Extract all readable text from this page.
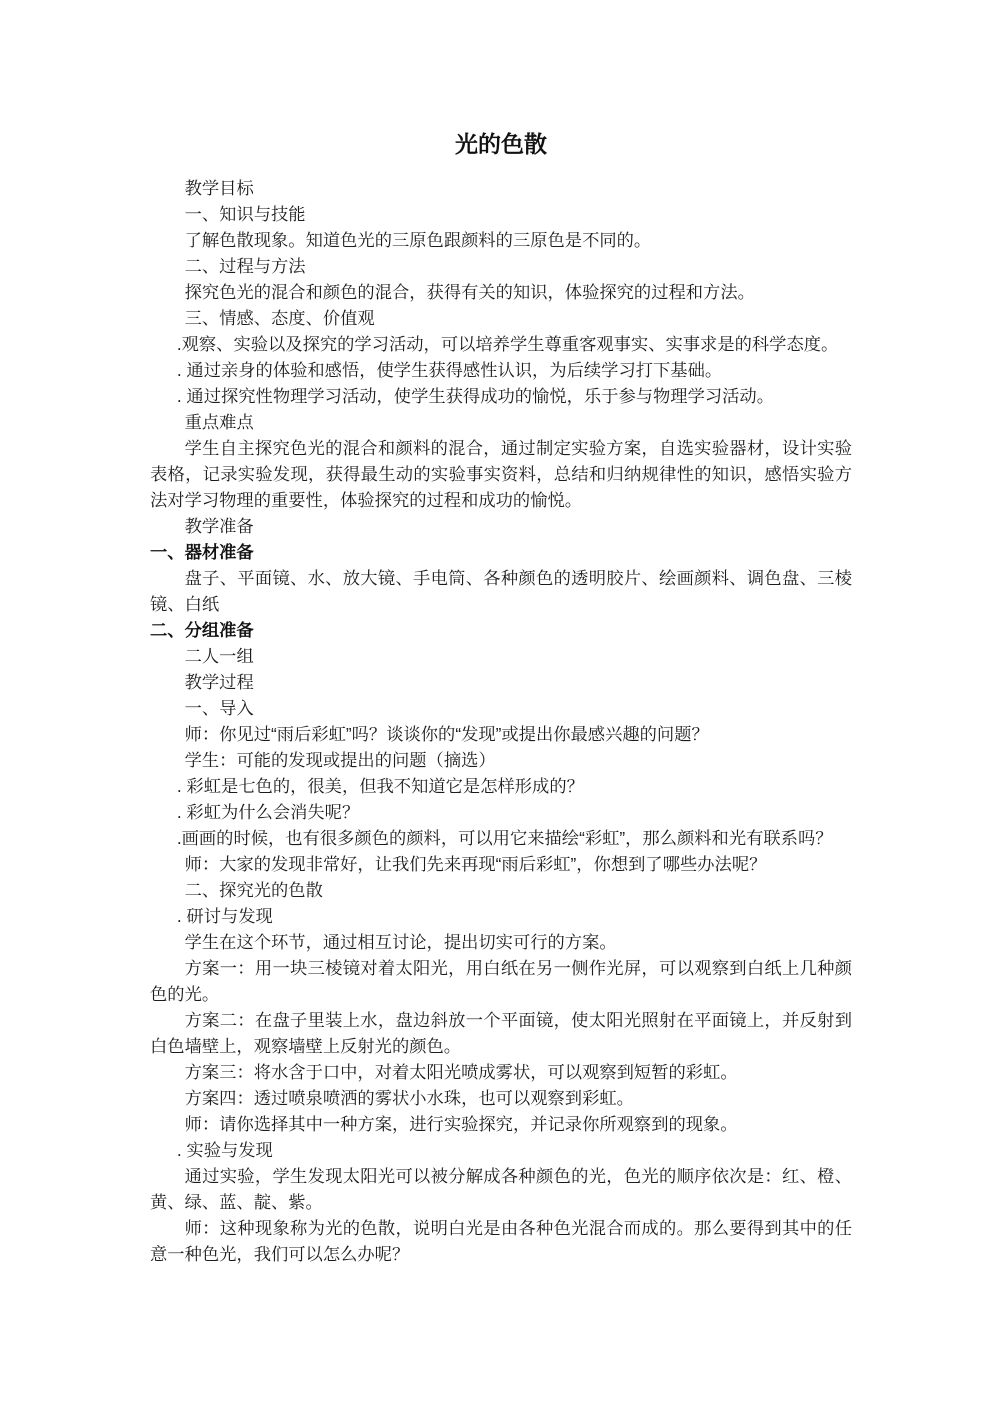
光的色散

教学目标

一、知识与技能

了解色散现象。知道色光的三原色跟颜料的三原色是不同的。

二、过程与方法

探究色光的混合和颜色的混合，获得有关的知识，体验探究的过程和方法。

三、情感、态度、价值观

.观察、实验以及探究的学习活动，可以培养学生尊重客观事实、实事求是的科学态度。

. 通过亲身的体验和感悟，使学生获得感性认识，为后续学习打下基础。

. 通过探究性物理学习活动，使学生获得成功的愉悦，乐于参与物理学习活动。

重点难点

学生自主探究色光的混合和颜料的混合，通过制定实验方案，自选实验器材，设计实验表格，记录实验发现，获得最生动的实验事实资料，总结和归纳规律性的知识，感悟实验方法对学习物理的重要性，体验探究的过程和成功的愉悦。

教学准备

一、器材准备

盘子、平面镜、水、放大镜、手电筒、各种颜色的透明胶片、绘画颜料、调色盘、三棱镜、白纸

二、分组准备

二人一组

教学过程

一、导入

师：你见过“雨后彩虹”吗？谈谈你的“发现”或提出你最感兴趣的问题？

学生：可能的发现或提出的问题（摘选）

. 彩虹是七色的，很美，但我不知道它是怎样形成的？

. 彩虹为什么会消失呢？

.画画的时候，也有很多颜色的颜料，可以用它来描绘“彩虹”，那么颜料和光有联系吗？

师：大家的发现非常好，让我们先来再现“雨后彩虹”，你想到了哪些办法呢？

二、探究光的色散

. 研讨与发现

学生在这个环节，通过相互讨论，提出切实可行的方案。

方案一：用一块三棱镜对着太阳光，用白纸在另一侧作光屏，可以观察到白纸上几种颜色的光。

方案二：在盘子里装上水，盘边斜放一个平面镜，使太阳光照射在平面镜上，并反射到白色墙壁上，观察墙壁上反射光的颜色。

方案三：将水含于口中，对着太阳光喷成雾状，可以观察到短暂的彩虹。

方案四：透过喷泉喷洒的雾状小水珠，也可以观察到彩虹。

师：请你选择其中一种方案，进行实验探究，并记录你所观察到的现象。

. 实验与发现

通过实验，学生发现太阳光可以被分解成各种颜色的光，色光的顺序依次是：红、橙、黄、绿、蓝、靛、紫。

师：这种现象称为光的色散，说明白光是由各种色光混合而成的。那么要得到其中的任意一种色光，我们可以怎么办呢？
